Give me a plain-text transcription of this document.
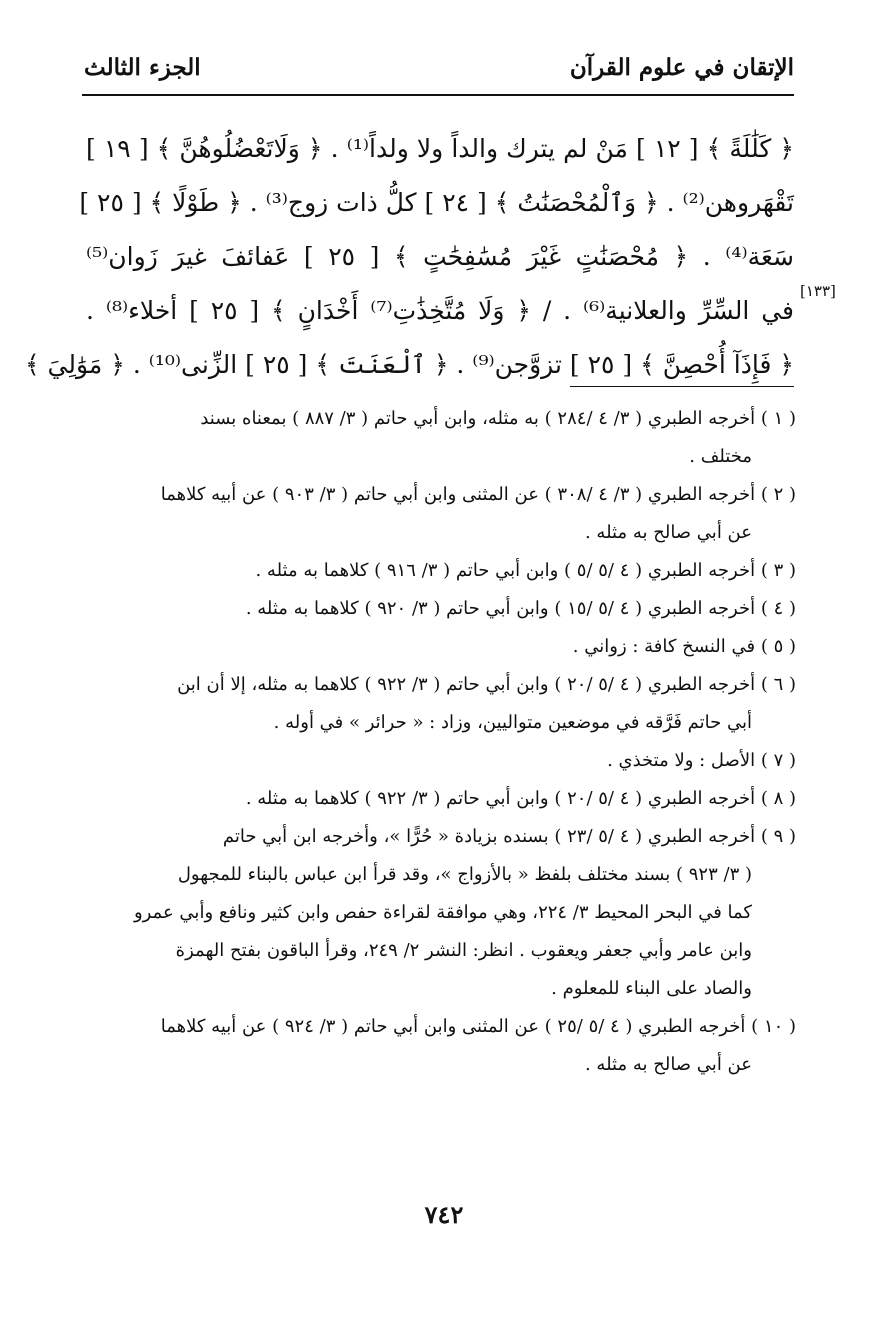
الإتقان في علوم القرآن
الجزء الثالث
﴿ كَلَٰلَةً ﴾ [ ١٢ ] مَنْ لم يترك والداً ولا ولداً⁽¹⁾ . ﴿ وَلَاتَعْضُلُوهُنَّ ﴾ [ ١٩ ]
تَقْهَروهن⁽²⁾ . ﴿ وَٱلْمُحْصَنَٰتُ ﴾ [ ٢٤ ] كلُّ ذات زوج⁽³⁾ . ﴿ طَوْلًا ﴾ [ ٢٥ ]
سَعَة⁽⁴⁾ . ﴿ مُحْصَنَٰتٍ غَيْرَ مُسَٰفِحَٰتٍ ﴾ [ ٢٥ ] عَفائفَ غيرَ زَوان⁽⁵⁾
في السِّرِّ والعلانية⁽⁶⁾ . / ﴿ وَلَا مُتَّخِذَٰتِ⁽⁷⁾ أَخْدَانٍ ﴾ [ ٢٥ ] أخلاء⁽⁸⁾ .
﴿ فَإِذَآ أُحْصِنَّ ﴾ [ ٢٥ ] تزوَّجن⁽⁹⁾ . ﴿ ٱلْعَنَتَ ﴾ [ ٢٥ ] الزِّنى⁽¹⁰⁾ . ﴿ مَوَٰلِيَ ﴾
[١٣٣]
( ١ ) أخرجه الطبري ( ٣/ ٤ /٢٨٤ ) به مثله، وابن أبي حاتم ( ٣/ ٨٨٧ ) بمعناه بسند
مختلف .
( ٢ ) أخرجه الطبري ( ٣/ ٤ /٣٠٨ ) عن المثنى وابن أبي حاتم ( ٣/ ٩٠٣ ) عن أبيه كلاهما
عن أبي صالح به مثله .
( ٣ ) أخرجه الطبري ( ٤ /٥ /٥ ) وابن أبي حاتم ( ٣/ ٩١٦ ) كلاهما به مثله .
( ٤ ) أخرجه الطبري ( ٤ /٥ /١٥ ) وابن أبي حاتم ( ٣/ ٩٢٠ ) كلاهما به مثله .
( ٥ ) في النسخ كافة : زواني .
( ٦ ) أخرجه الطبري ( ٤ /٥ /٢٠ ) وابن أبي حاتم ( ٣/ ٩٢٢ ) كلاهما به مثله، إلا أن ابن
أبي حاتم فَرَّقه في موضعين متواليين، وزاد : « حرائر » في أوله .
( ٧ ) الأصل : ولا متخذي .
( ٨ ) أخرجه الطبري ( ٤ /٥ /٢٠ ) وابن أبي حاتم ( ٣/ ٩٢٢ ) كلاهما به مثله .
( ٩ ) أخرجه الطبري ( ٤ /٥ /٢٣ ) بسنده بزيادة « حُرًّا »، وأخرجه ابن أبي حاتم
( ٣/ ٩٢٣ ) بسند مختلف بلفظ « بالأزواج »، وقد قرأ ابن عباس بالبناء للمجهول
كما في البحر المحيط ٣/ ٢٢٤، وهي موافقة لقراءة حفص وابن كثير ونافع وأبي عمرو
وابن عامر وأبي جعفر ويعقوب . انظر: النشر ٢/ ٢٤٩، وقرأ الباقون بفتح الهمزة
والصاد على البناء للمعلوم .
( ١٠ ) أخرجه الطبري ( ٤ /٥ /٢٥ ) عن المثنى وابن أبي حاتم ( ٣/ ٩٢٤ ) عن أبيه كلاهما
عن أبي صالح به مثله .
٧٤٢
